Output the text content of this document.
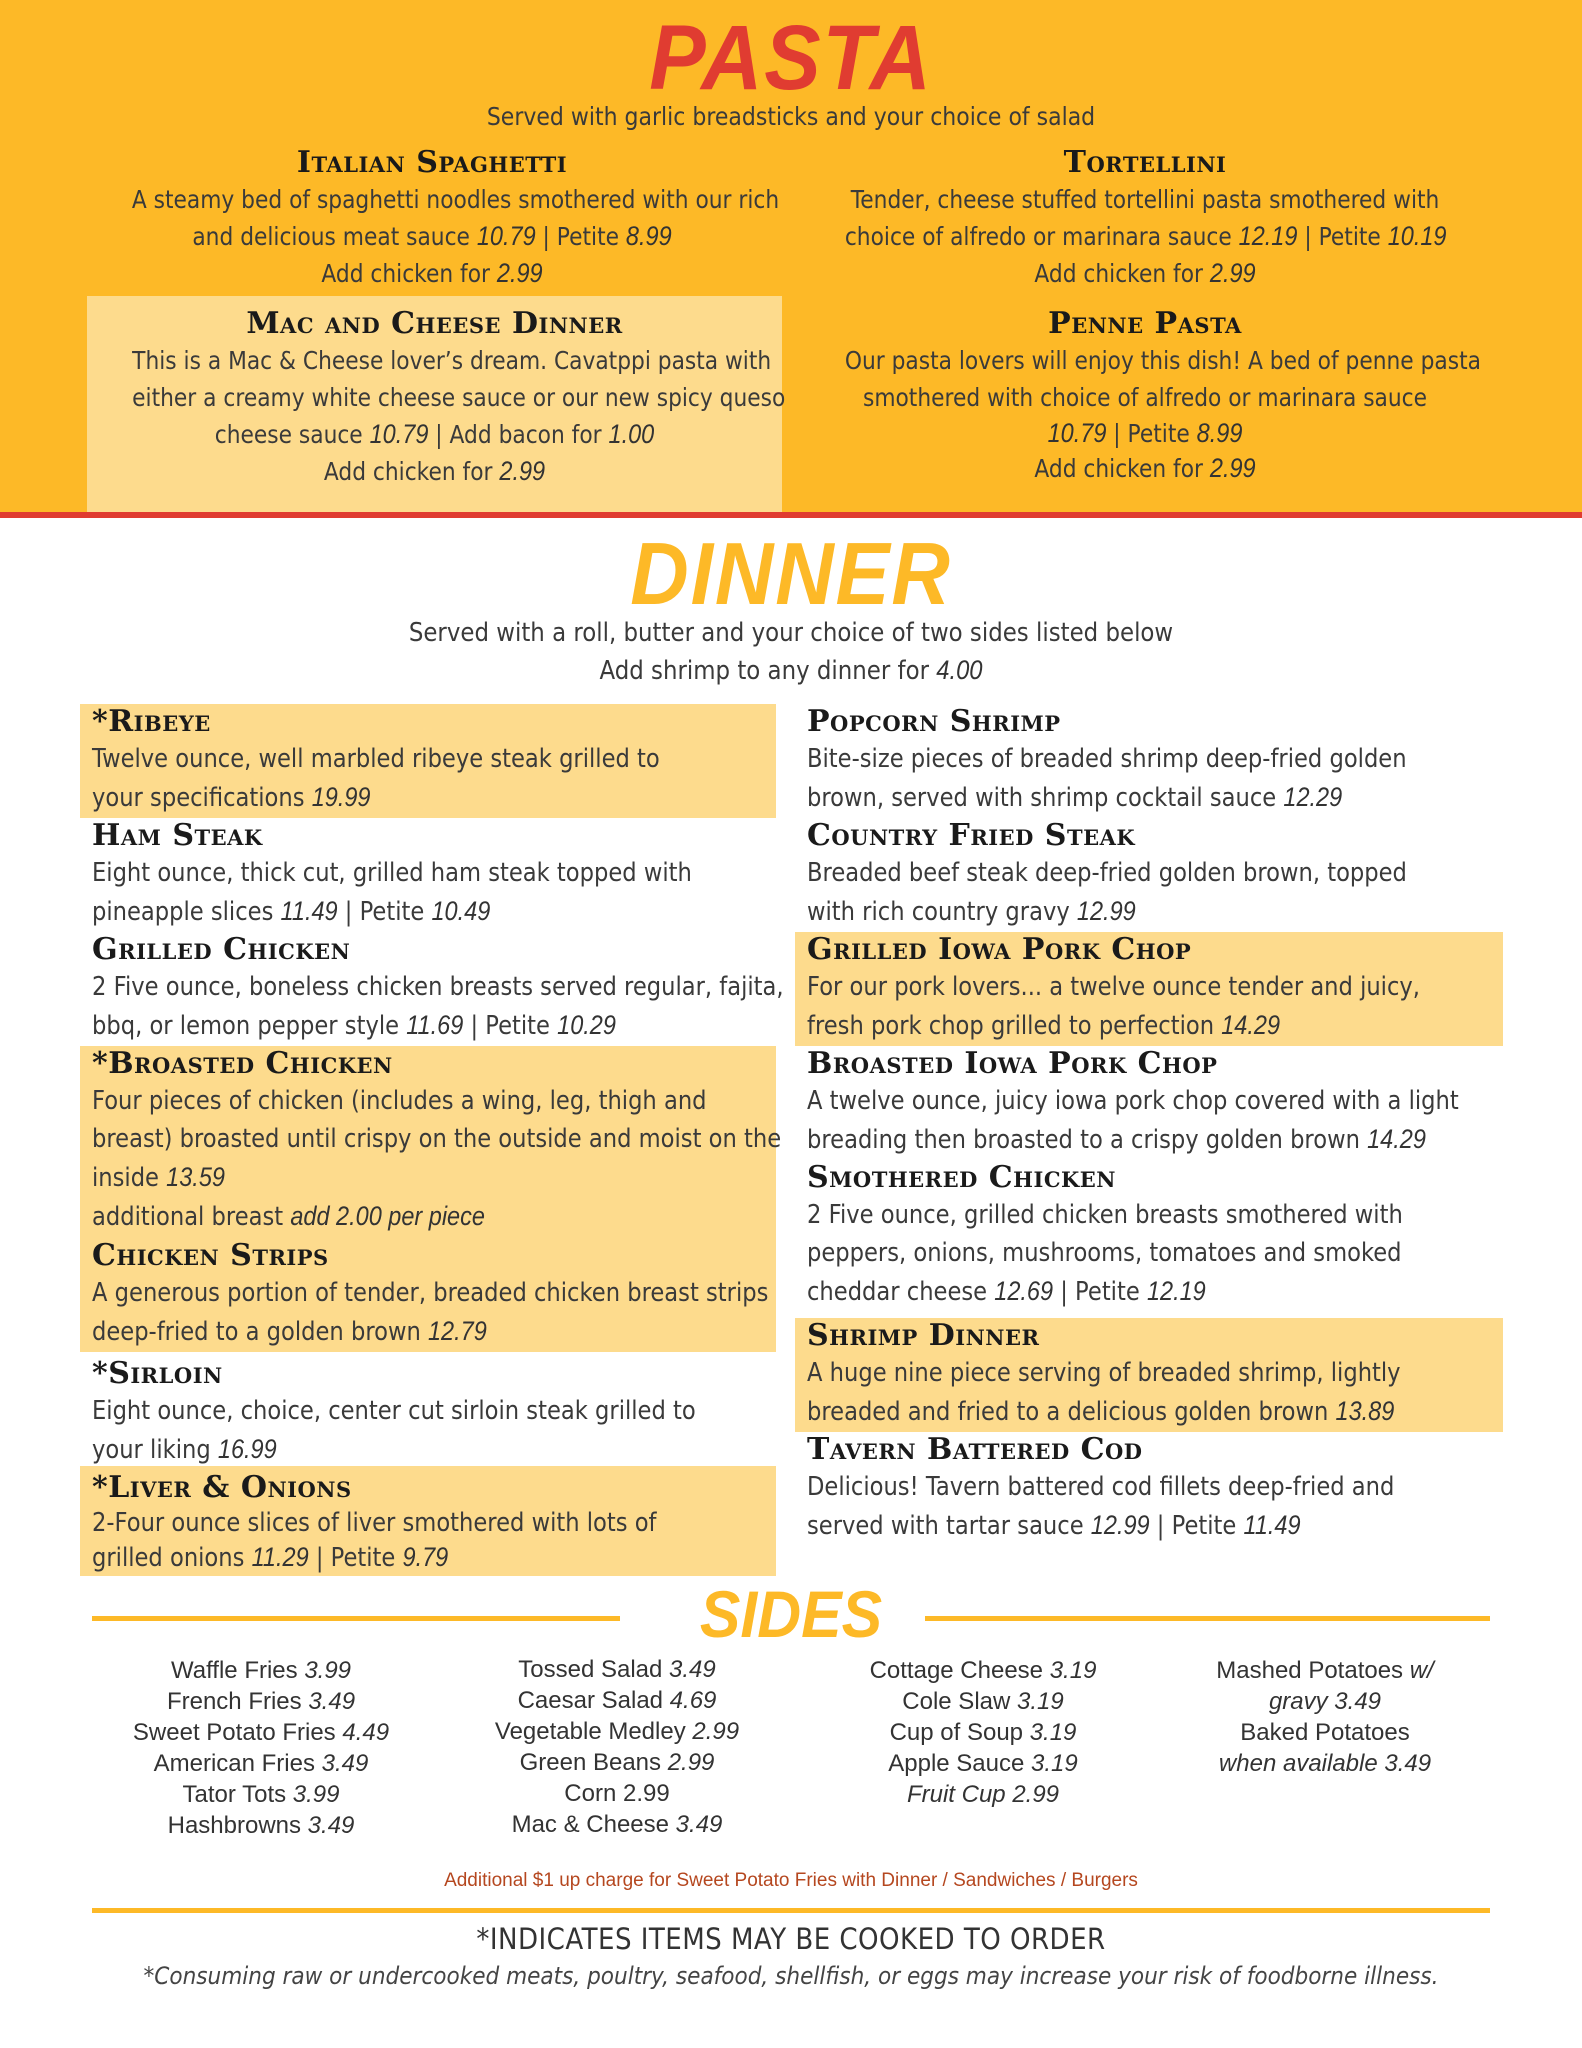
PASTA
Served with garlic breadsticks and your choice of salad
Italian Spaghetti
A steamy bed of spaghetti noodles smothered with our rich
and delicious meat sauce 10.79 | Petite 8.99
Add chicken for 2.99
Tortellini
Tender, cheese stuffed tortellini pasta smothered with
choice of alfredo or marinara sauce 12.19 | Petite 10.19
Add chicken for 2.99
Mac and Cheese Dinner
This is a Mac & Cheese lover’s dream. Cavatppi pasta with
either a creamy white cheese sauce or our new spicy queso
cheese sauce 10.79 | Add bacon for 1.00
Add chicken for 2.99
Penne Pasta
Our pasta lovers will enjoy this dish! A bed of penne pasta
smothered with choice of alfredo or marinara sauce
10.79 | Petite 8.99
Add chicken for 2.99
DINNER
Served with a roll, butter and your choice of two sides listed below
Add shrimp to any dinner for 4.00
*Ribeye
Twelve ounce, well marbled ribeye steak grilled to
your specifications 19.99
Ham Steak
Eight ounce, thick cut, grilled ham steak topped with
pineapple slices 11.49 | Petite 10.49
Grilled Chicken
2 Five ounce, boneless chicken breasts served regular, fajita,
bbq, or lemon pepper style 11.69 | Petite 10.29
*Broasted Chicken
Four pieces of chicken (includes a wing, leg, thigh and
breast) broasted until crispy on the outside and moist on the
inside 13.59
additional breast add 2.00 per piece
Chicken Strips
A generous portion of tender, breaded chicken breast strips
deep-fried to a golden brown 12.79
*Sirloin
Eight ounce, choice, center cut sirloin steak grilled to
your liking 16.99
*Liver & Onions
2-Four ounce slices of liver smothered with lots of
grilled onions 11.29 | Petite 9.79
Popcorn Shrimp
Bite-size pieces of breaded shrimp deep-fried golden
brown, served with shrimp cocktail sauce 12.29
Country Fried Steak
Breaded beef steak deep-fried golden brown, topped
with rich country gravy 12.99
Grilled Iowa Pork Chop
For our pork lovers... a twelve ounce tender and juicy,
fresh pork chop grilled to perfection 14.29
Broasted Iowa Pork Chop
A twelve ounce, juicy iowa pork chop covered with a light
breading then broasted to a crispy golden brown 14.29
Smothered Chicken
2 Five ounce, grilled chicken breasts smothered with
peppers, onions, mushrooms, tomatoes and smoked
cheddar cheese 12.69 | Petite 12.19
Shrimp Dinner
A huge nine piece serving of breaded shrimp, lightly
breaded and fried to a delicious golden brown 13.89
Tavern Battered Cod
Delicious! Tavern battered cod fillets deep-fried and
served with tartar sauce 12.99 | Petite 11.49
SIDES
Waffle Fries 3.99
French Fries 3.49
Sweet Potato Fries 4.49
American Fries 3.49
Tator Tots 3.99
Hashbrowns 3.49
Tossed Salad 3.49
Caesar Salad 4.69
Vegetable Medley 2.99
Green Beans 2.99
Corn 2.99
Mac & Cheese 3.49
Cottage Cheese 3.19
Cole Slaw 3.19
Cup of Soup 3.19
Apple Sauce 3.19
Fruit Cup 2.99
Mashed Potatoes w/
gravy 3.49
Baked Potatoes
when available 3.49
Additional $1 up charge for Sweet Potato Fries with Dinner / Sandwiches / Burgers
*INDICATES ITEMS MAY BE COOKED TO ORDER
*Consuming raw or undercooked meats, poultry, seafood, shellfish, or eggs may increase your risk of foodborne illness.
